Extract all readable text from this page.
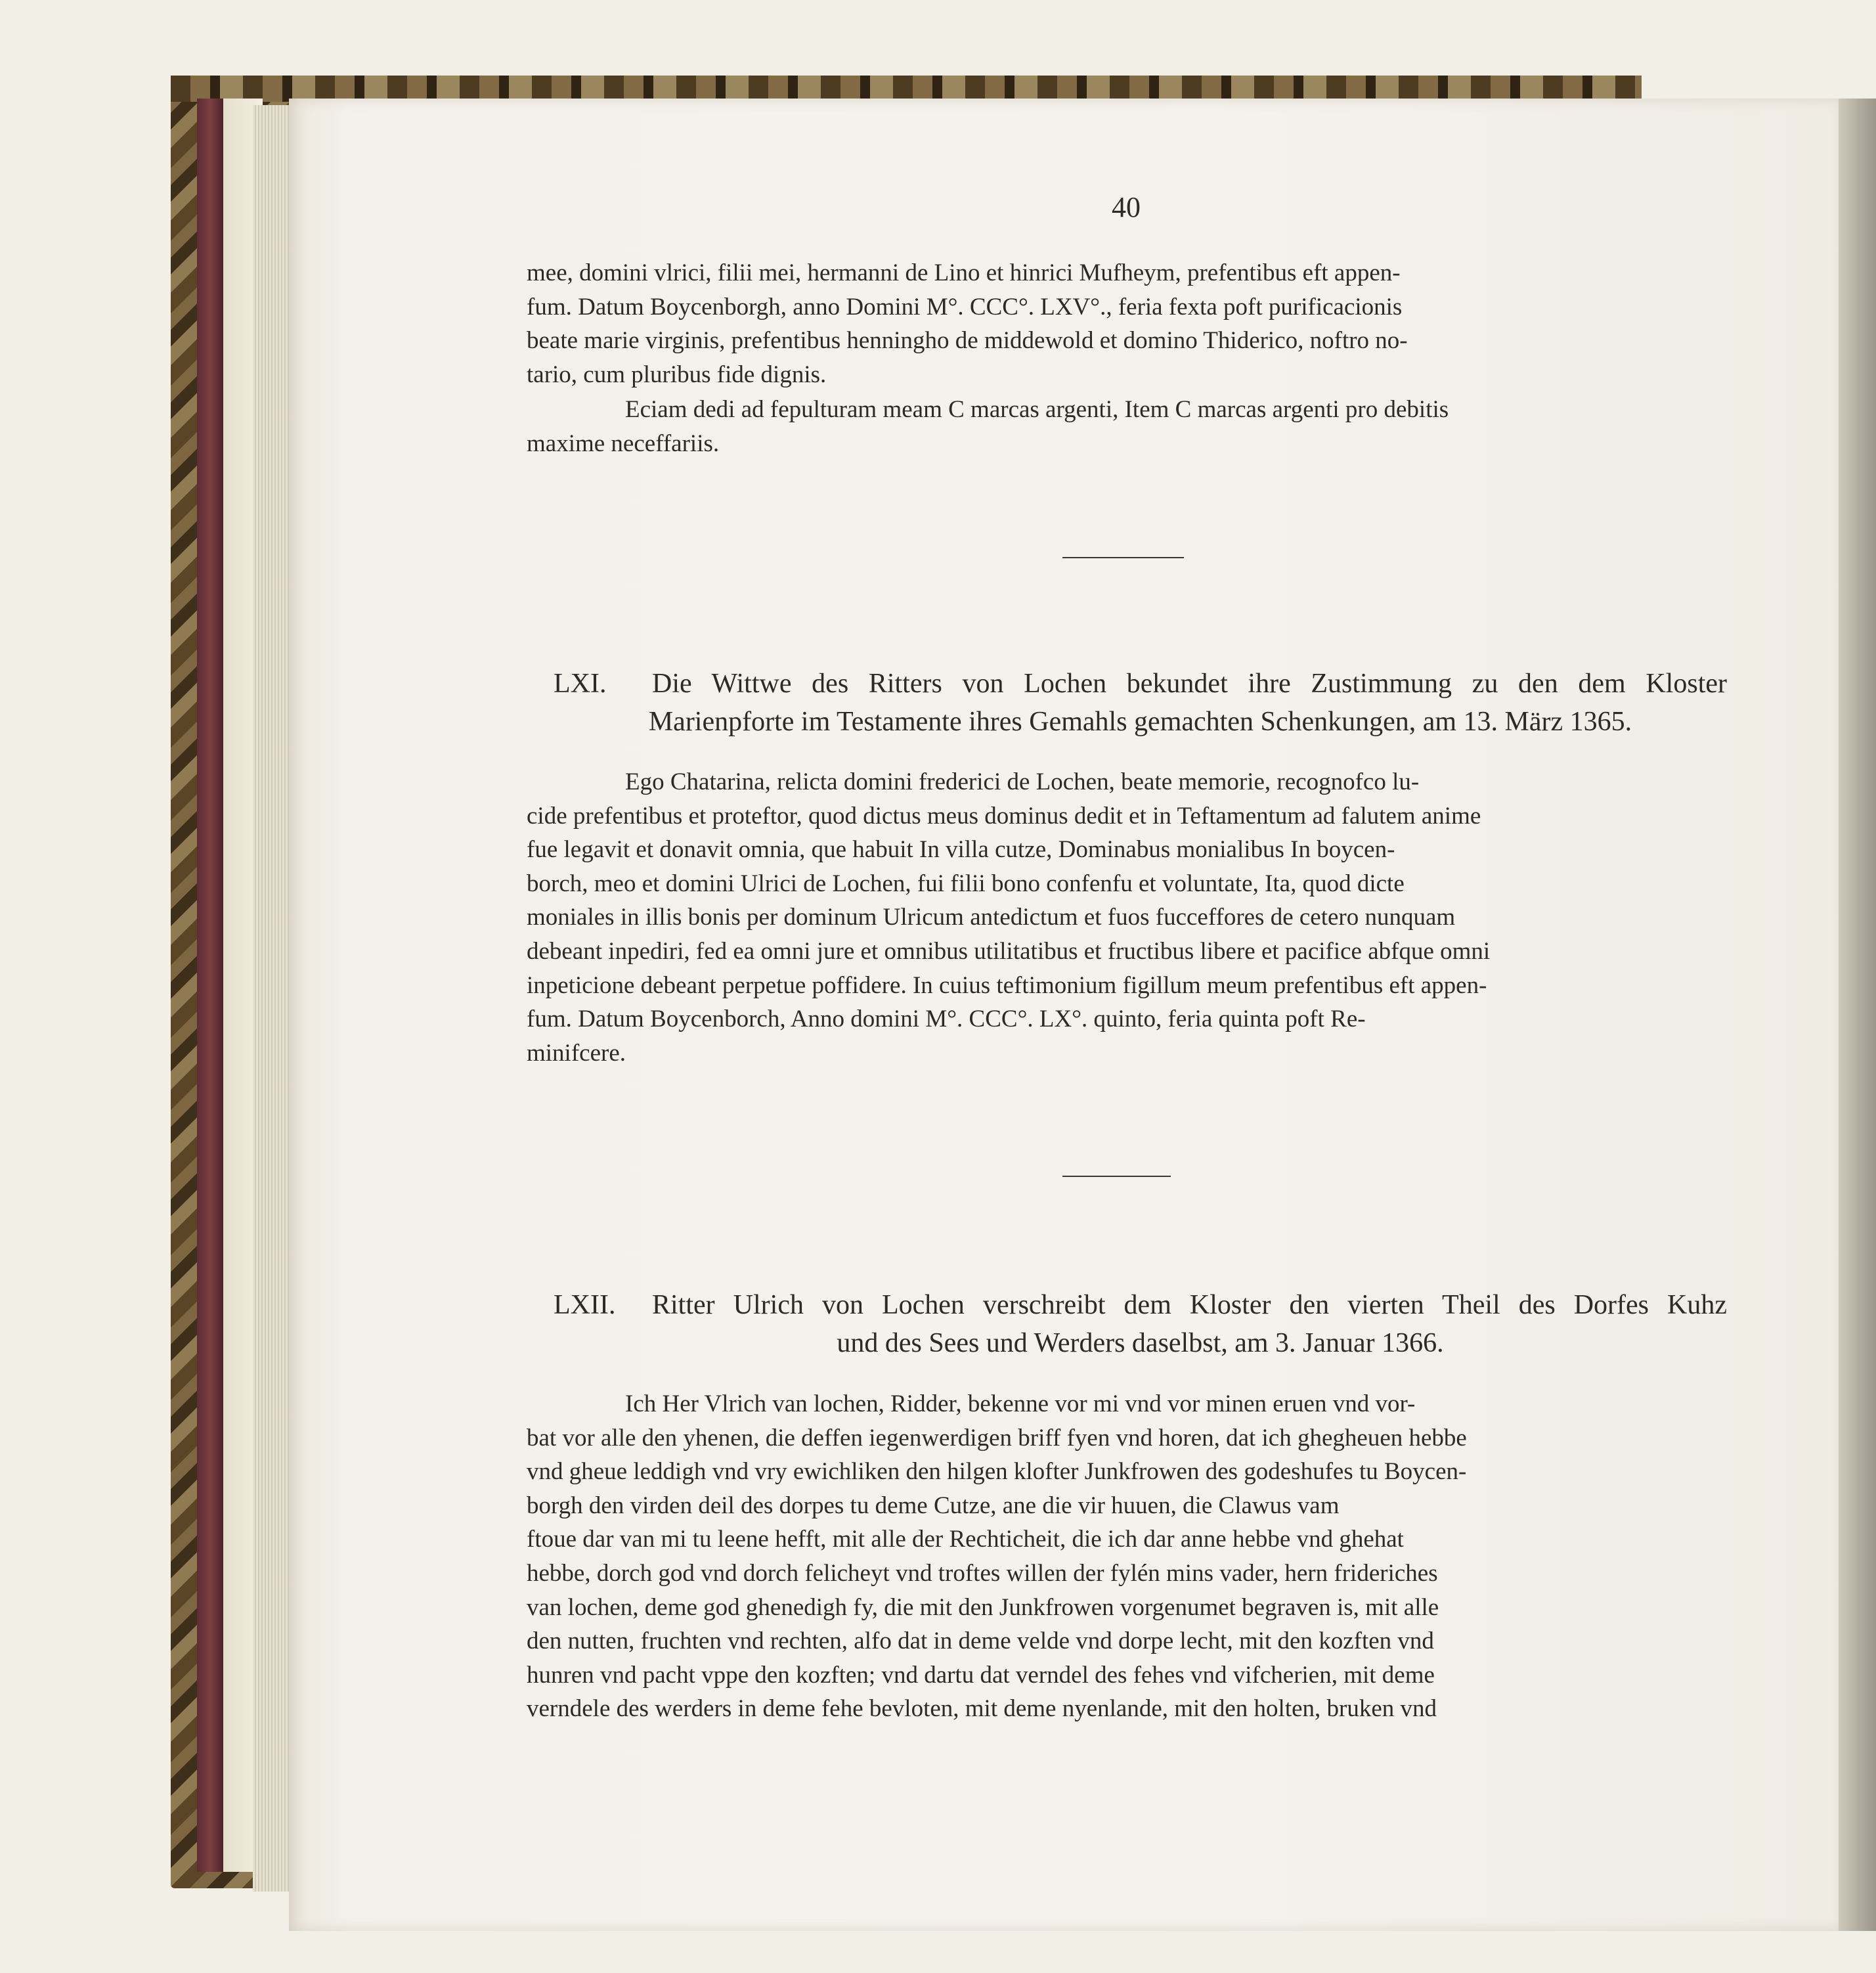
40

mee, domini vlrici, filii mei, hermanni de Lino et hinrici Mufheym, prefentibus eft appen-

fum. Datum Boycenborgh, anno Domini M°. CCC°. LXV°., feria fexta poft purificacionis

beate marie virginis, prefentibus henningho de middewold et domino Thiderico, noftro no-

tario, cum pluribus fide dignis.

Eciam dedi ad fepulturam meam C marcas argenti, Item C marcas argenti pro debitis

maxime neceffariis.

LXI. Die Wittwe des Ritters von Lochen bekundet ihre Zustimmung zu den dem Kloster

Marienpforte im Testamente ihres Gemahls gemachten Schenkungen, am 13. März 1365.

Ego Chatarina, relicta domini frederici de Lochen, beate memorie, recognofco lu-

cide prefentibus et proteftor, quod dictus meus dominus dedit et in Teftamentum ad falutem anime

fue legavit et donavit omnia, que habuit In villa cutze, Dominabus monialibus In boycen-

borch, meo et domini Ulrici de Lochen, fui filii bono confenfu et voluntate, Ita, quod dicte

moniales in illis bonis per dominum Ulricum antedictum et fuos fucceffores de cetero nunquam

debeant inpediri, fed ea omni jure et omnibus utilitatibus et fructibus libere et pacifice abfque omni

inpeticione debeant perpetue poffidere. In cuius teftimonium figillum meum prefentibus eft appen-

fum. Datum Boycenborch, Anno domini M°. CCC°. LX°. quinto, feria quinta poft Re-

minifcere.

LXII. Ritter Ulrich von Lochen verschreibt dem Kloster den vierten Theil des Dorfes Kuhz

und des Sees und Werders daselbst, am 3. Januar 1366.

Ich Her Vlrich van lochen, Ridder, bekenne vor mi vnd vor minen eruen vnd vor-

bat vor alle den yhenen, die deffen iegenwerdigen briff fyen vnd horen, dat ich ghegheuen hebbe

vnd gheue leddigh vnd vry ewichliken den hilgen klofter Junkfrowen des godeshufes tu Boycen-

borgh den virden deil des dorpes tu deme Cutze, ane die vir huuen, die Clawus vam

ftoue dar van mi tu leene hefft, mit alle der Rechticheit, die ich dar anne hebbe vnd ghehat

hebbe, dorch god vnd dorch felicheyt vnd troftes willen der fylén mins vader, hern frideriches

van lochen, deme god ghenedigh fy, die mit den Junkfrowen vorgenumet begraven is, mit alle

den nutten, fruchten vnd rechten, alfo dat in deme velde vnd dorpe lecht, mit den kozften vnd

hunren vnd pacht vppe den kozften; vnd dartu dat verndel des fehes vnd vifcherien, mit deme

verndele des werders in deme fehe bevloten, mit deme nyenlande, mit den holten, bruken vnd
